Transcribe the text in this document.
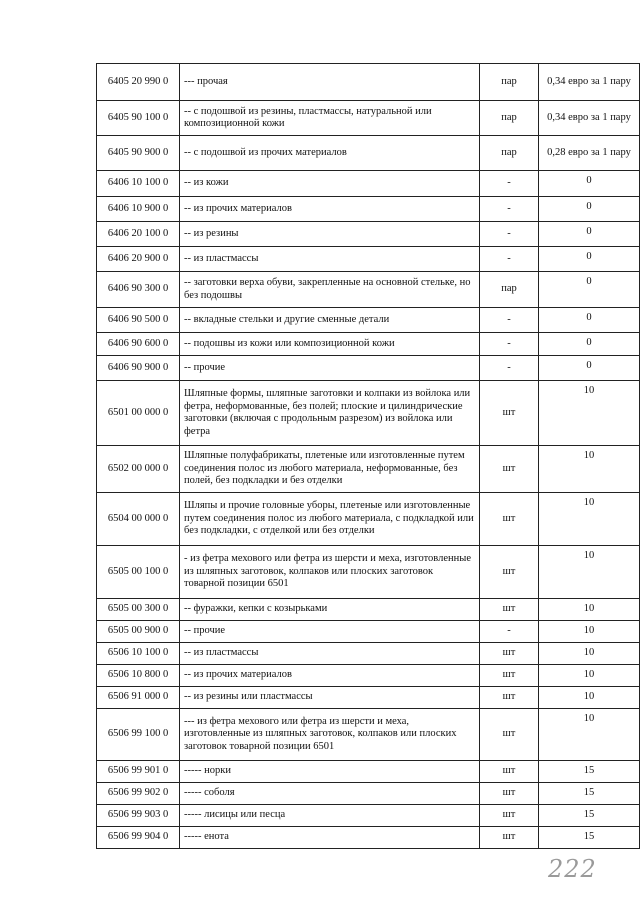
6405 20 990 0	--- прочая	пар	0,34 евро за 1 пару
6405 90 100 0	-- с подошвой из резины, пластмассы, натуральной или композиционной кожи	пар	0,34 евро за 1 пару
6405 90 900 0	-- с подошвой из прочих материалов	пар	0,28 евро за 1 пару
6406 10 100 0	-- из кожи	-	0
6406 10 900 0	-- из прочих материалов	-	0
6406 20 100 0	-- из резины	-	0
6406 20 900 0	-- из пластмассы	-	0
6406 90 300 0	-- заготовки верха обуви, закрепленные на основной стельке, но без подошвы	пар	0
6406 90 500 0	-- вкладные стельки и другие сменные детали	-	0
6406 90 600 0	-- подошвы из кожи или композиционной кожи	-	0
6406 90 900 0	-- прочие	-	0
6501 00 000 0	Шляпные формы, шляпные заготовки и колпаки из войлока или фетра, неформованные, без полей; плоские и цилиндрические заготовки (включая с продольным разрезом) из войлока или фетра	шт	10
6502 00 000 0	Шляпные полуфабрикаты, плетеные или изготовленные путем соединения полос из любого материала, неформованные, без полей, без подкладки и без отделки	шт	10
6504 00 000 0	Шляпы и прочие головные уборы, плетеные или изготовленные путем соединения полос из любого материала, с подкладкой или без подкладки, с отделкой или без отделки	шт	10
6505 00 100 0	- из фетра мехового или фетра из шерсти и меха, изготовленные из шляпных заготовок, колпаков или плоских заготовок товарной позиции 6501	шт	10
6505 00 300 0	-- фуражки, кепки с козырьками	шт	10
6505 00 900 0	-- прочие	-	10
6506 10 100 0	-- из пластмассы	шт	10
6506 10 800 0	-- из прочих материалов	шт	10
6506 91 000 0	-- из резины или пластмассы	шт	10
6506 99 100 0	--- из фетра мехового или фетра из шерсти и меха, изготовленные из шляпных заготовок, колпаков или плоских заготовок товарной позиции 6501	шт	10
6506 99 901 0	----- норки	шт	15
6506 99 902 0	----- соболя	шт	15
6506 99 903 0	----- лисицы или песца	шт	15
6506 99 904 0	----- енота	шт	15
222
